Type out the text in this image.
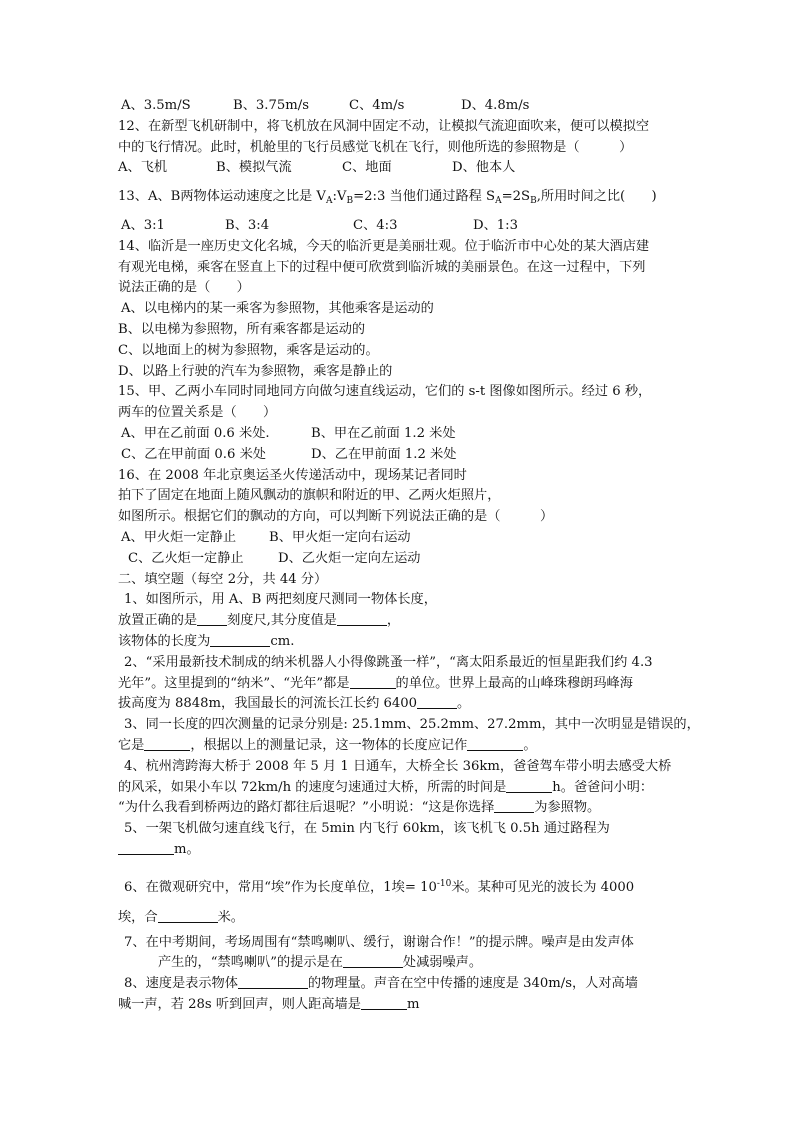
A、3.5m/S	B、3.75m/s	C、4m/s	D、4.8m/s
12、在新型飞机研制中，将飞机放在风洞中固定不动，让模拟气流迎面吹来，便可以模拟空
中的飞行情况。此时，机舱里的飞行员感觉飞机在飞行，则他所选的参照物是（　　　）
A、飞机	B、模拟气流	C、地面	D、他本人
13、A、B两物体运动速度之比是 $V_A:V_B=2:3$ 当他们通过路程 $S_A=2S_B$,所用时间之比(　　)
A、3:1	B、3:4	C、4:3	D、1:3
14、临沂是一座历史文化名城，今天的临沂更是美丽壮观。位于临沂市中心处的某大酒店建
有观光电梯，乘客在竖直上下的过程中便可欣赏到临沂城的美丽景色。在这一过程中，下列
说法正确的是（　　）
A、以电梯内的某一乘客为参照物，其他乘客是运动的
B、以电梯为参照物，所有乘客都是运动的
C、以地面上的树为参照物，乘客是运动的。
D、以路上行驶的汽车为参照物，乘客是静止的
15、甲、乙两小车同时同地同方向做匀速直线运动，它们的 s-t 图像如图所示。经过 6 秒，
两车的位置关系是（　　）
A、甲在乙前面 0.6 米处.	B、甲在乙前面 1.2 米处
C、乙在甲前面 0.6 米处	D、乙在甲前面 1.2 米处
16、在 2008 年北京奥运圣火传递活动中，现场某记者同时
拍下了固定在地面上随风飘动的旗帜和附近的甲、乙两火炬照片，
如图所示。根据它们的飘动的方向，可以判断下列说法正确的是（　　　）
A、甲火炬一定静止	B、甲火炬一定向右运动
C、乙火炬一定静止	D、乙火炬一定向左运动
二、填空题（每空 2分，共 44 分）
1、如图所示，用 A、B 两把刻度尺测同一物体长度，
放置正确的是 刻度尺,其分度值是	，
该物体的长度为	cm.
2、“采用最新技术制成的纳米机器人小得像跳蚤一样”，“离太阳系最近的恒星距我们约 4.3
光年”。这里提到的“纳米”、“光年”都是	的单位。世界上最高的山峰珠穆朗玛峰海
拔高度为 8848m，我国最长的河流长江长约 6400	。
3、同一长度的四次测量的记录分别是: 25.1mm、25.2mm、27.2mm，其中一次明显是错误的，
它是	，根据以上的测量记录，这一物体的长度应记作	。
4、杭州湾跨海大桥于 2008 年 5 月 1 日通车，大桥全长 36km，爸爸驾车带小明去感受大桥
的风采，如果小车以 72km/h 的速度匀速通过大桥，所需的时间是	h。爸爸问小明：
“为什么我看到桥两边的路灯都往后退呢？”小明说：“这是你选择	为参照物。
5、一架飞机做匀速直线飞行，在 5min 内飞行 60km，该飞机飞 0.5h 通过路程为
m。
6、在微观研究中，常用“埃”作为长度单位，1埃= $10^{-10}$米。某种可见光的波长为 4000
埃，合	米。
7、在中考期间，考场周围有“禁鸣喇叭、缓行，谢谢合作！”的提示牌。噪声是由发声体
产生的，“禁鸣喇叭”的提示是在	处减弱噪声。
8、速度是表示物体	的物理量。声音在空中传播的速度是 340m/s，人对高墙
喊一声，若 28s 听到回声，则人距高墙是	m
